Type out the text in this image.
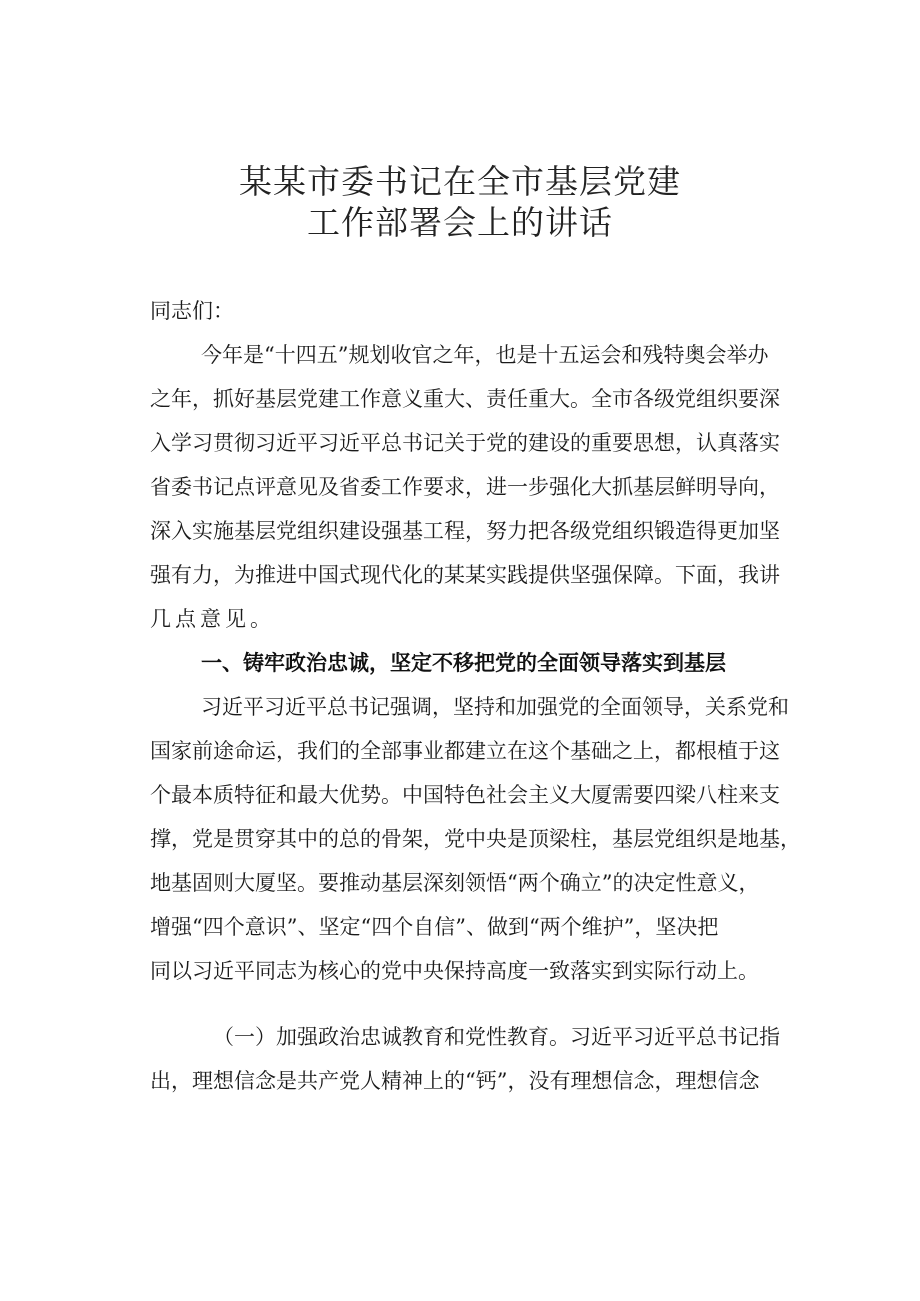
某某市委书记在全市基层党建
工作部署会上的讲话
同志们：
今年是“十四五”规划收官之年，也是十五运会和残特奥会举办
之年，抓好基层党建工作意义重大、责任重大。全市各级党组织要深
入学习贯彻习近平习近平总书记关于党的建设的重要思想，认真落实
省委书记点评意见及省委工作要求，进一步强化大抓基层鲜明导向，
深入实施基层党组织建设强基工程，努力把各级党组织锻造得更加坚
强有力，为推进中国式现代化的某某实践提供坚强保障。下面，我讲
几点意见。
一、铸牢政治忠诚，坚定不移把党的全面领导落实到基层
习近平习近平总书记强调，坚持和加强党的全面领导，关系党和
国家前途命运，我们的全部事业都建立在这个基础之上，都根植于这
个最本质特征和最大优势。中国特色社会主义大厦需要四梁八柱来支
撑，党是贯穿其中的总的骨架，党中央是顶梁柱，基层党组织是地基，
地基固则大厦坚。要推动基层深刻领悟“两个确立”的决定性意义，
增强“四个意识”、坚定“四个自信”、做到“两个维护”，坚决把
同以习近平同志为核心的党中央保持高度一致落实到实际行动上。
（一）加强政治忠诚教育和党性教育。习近平习近平总书记指
出，理想信念是共产党人精神上的“钙”，没有理想信念，理想信念
